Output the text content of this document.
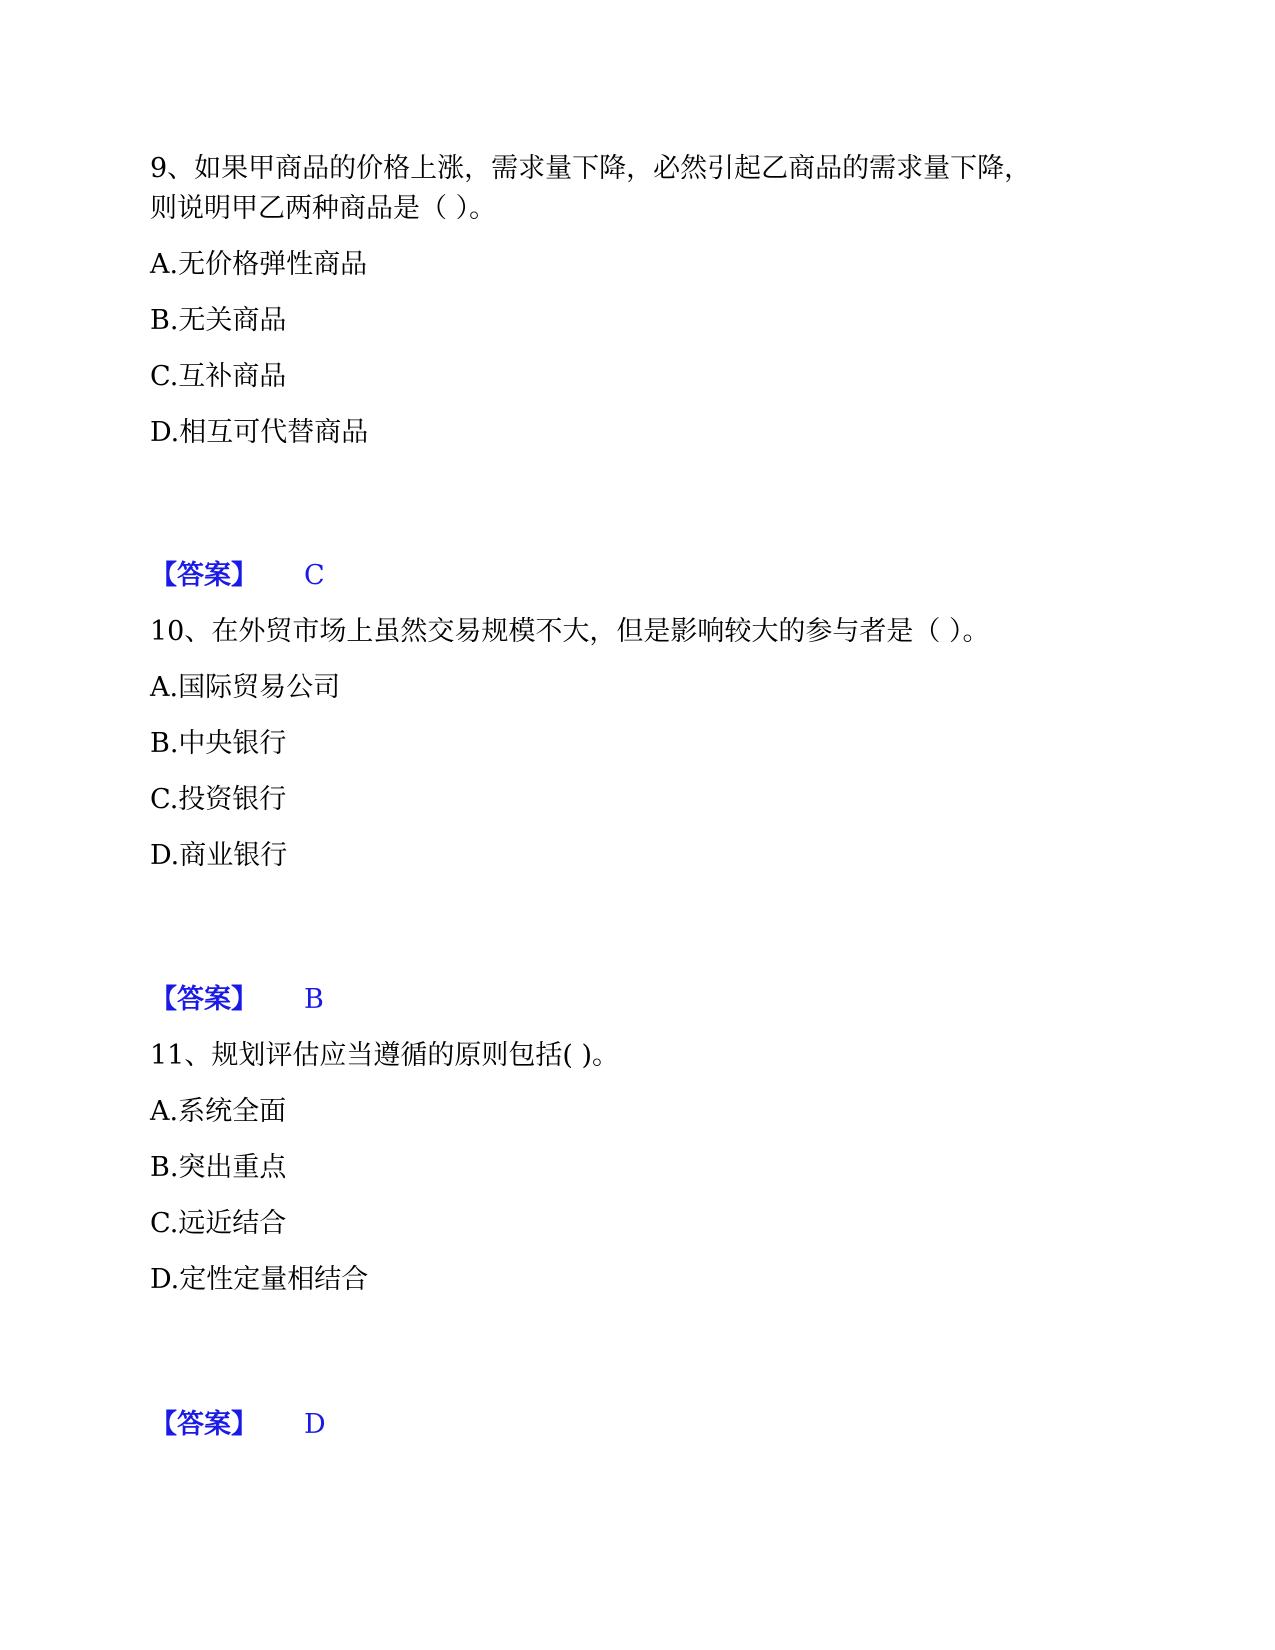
9、如果甲商品的价格上涨，需求量下降，必然引起乙商品的需求量下降，
则说明甲乙两种商品是（ ）。
A.无价格弹性商品
B.无关商品
C.互补商品
D.相互可代替商品
【答案】 C
10、在外贸市场上虽然交易规模不大，但是影响较大的参与者是（ ）。
A.国际贸易公司
B.中央银行
C.投资银行
D.商业银行
【答案】 B
11、规划评估应当遵循的原则包括( )。
A.系统全面
B.突出重点
C.远近结合
D.定性定量相结合
【答案】 D
